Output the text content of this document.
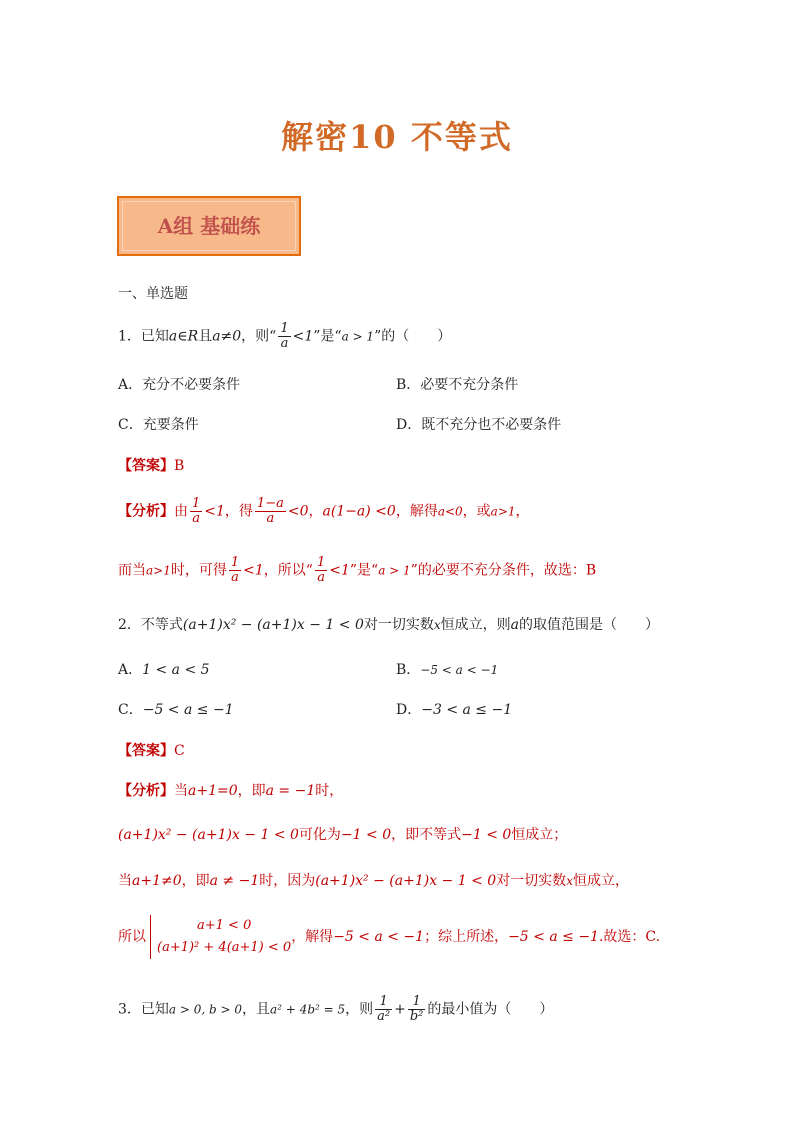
解密10 不等式
A组 基础练
一、单选题
1．已知a∈R且a≠0，则“ $\frac{1}{a} <1$”是“a > 1”的（　　）
A．充分不必要条件	B．必要不充分条件
C．充要条件	D．既不充分也不必要条件
【答案】B
【分析】由 $\frac{1}{a} <1$，得 $\frac{1-a}{a} <0$，a(1−a) <0，解得a<0，或a>1，
而当a>1时，可得 $\frac{1}{a} <1$，所以“ $\frac{1}{a} <1$”是“a > 1”的必要不充分条件，故选：B
2．不等式(a+1)x² − (a+1)x − 1 < 0对一切实数x恒成立，则a的取值范围是（　　）
A．1 < a < 5	B．−5 < a < −1
C．−5 < a ≤ −1	D．−3 < a ≤ −1
【答案】C
【分析】当a+1=0，即a = −1时，
(a+1)x² − (a+1)x − 1 < 0可化为−1 < 0，即不等式−1 < 0恒成立；
当a+1≠0，即a ≠ −1时，因为(a+1)x² − (a+1)x − 1 < 0对一切实数x恒成立，
所以
a+1 < 0
(a+1)² + 4(a+1) < 0
，解得−5 < a < −1；综上所述，−5 < a ≤ −1.故选：C.
3．已知a > 0, b > 0，且a² + 4b² = 5，则 $\frac{1}{\text{a²}} + \frac{1}{\text{b²}}$ 的最小值为（　　）
